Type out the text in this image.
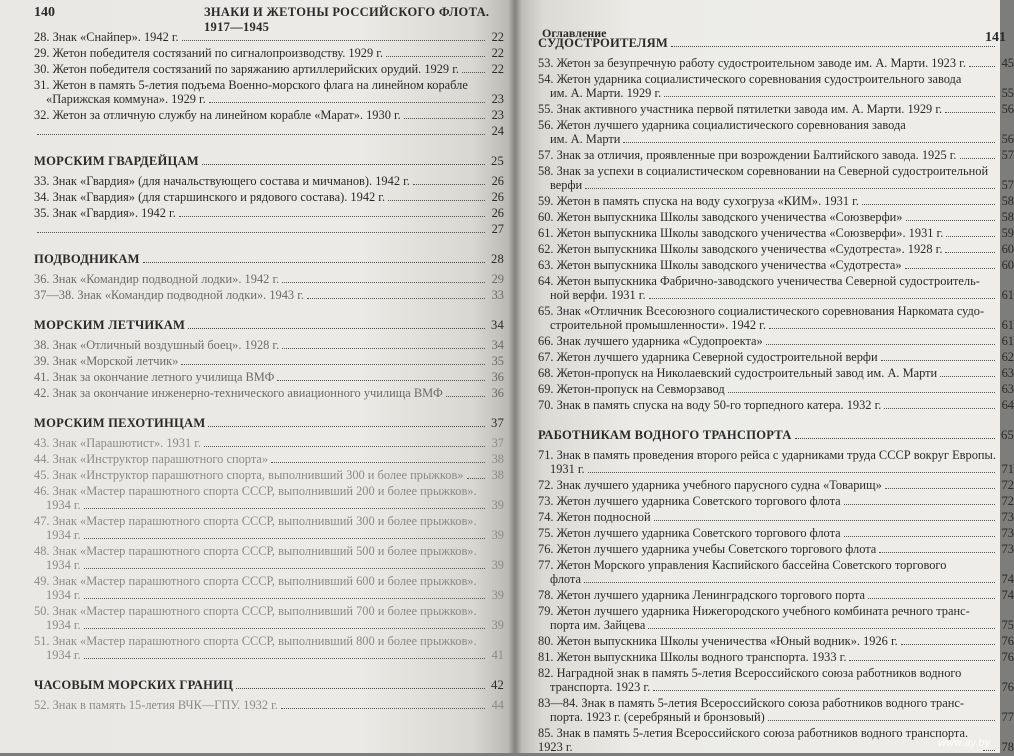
140	ЗНАКИ И ЖЕТОНЫ РОССИЙСКОГО ФЛОТА. 1917—1945
28. Знак «Снайпер». 1942 г.	22
29. Жетон победителя состязаний по сигналопроизводству. 1929 г.	22
30. Жетон победителя состязаний по заряжанию артиллерийских орудий. 1929 г.	22
31. Жетон в память 5-летия подъема Военно-морского флага на линейном корабле
«Парижская коммуна». 1929 г.	23
32. Жетон за отличную службу на линейном корабле «Марат». 1930 г.	23
24
МОРСКИМ ГВАРДЕЙЦАМ	25
33. Знак «Гвардия» (для начальствующего состава и мичманов). 1942 г.	26
34. Знак «Гвардия» (для старшинского и рядового состава). 1942 г.	26
35. Знак «Гвардия». 1942 г.	26
27
ПОДВОДНИКАМ	28
36. Знак «Командир подводной лодки». 1942 г.	29
37—38. Знак «Командир подводной лодки». 1943 г.	33
МОРСКИМ ЛЕТЧИКАМ	34
38. Знак «Отличный воздушный боец». 1928 г.	34
39. Знак «Морской летчик»	35
41. Знак за окончание летного училища ВМФ	36
42. Знак за окончание инженерно-технического авиационного училища ВМФ	36
МОРСКИМ ПЕХОТИНЦАМ	37
43. Знак «Парашютист». 1931 г.	37
44. Знак «Инструктор парашютного спорта»	38
45. Знак «Инструктор парашютного спорта, выполнивший 300 и более прыжков» 38
46. Знак «Мастер парашютного спорта СССР, выполнивший 200 и более прыжков».
1934 г.	39
47. Знак «Мастер парашютного спорта СССР, выполнивший 300 и более прыжков».
1934 г.	39
48. Знак «Мастер парашютного спорта СССР, выполнивший 500 и более прыжков».
1934 г.	39
49. Знак «Мастер парашютного спорта СССР, выполнивший 600 и более прыжков».
1934 г.	39
50. Знак «Мастер парашютного спорта СССР, выполнивший 700 и более прыжков».
1934 г.	39
51. Знак «Мастер парашютного спорта СССР, выполнивший 800 и более прыжков».
1934 г.	41
ЧАСОВЫМ МОРСКИХ ГРАНИЦ	42
52. Знак в память 15-летия ВЧК—ГПУ. 1932 г.	44
Оглавление	141
СУДОСТРОИТЕЛЯМ
53. Жетон за безупречную работу судостроительном заводе им. А. Марти. 1923 г.	45
54. Жетон ударника социалистического соревнования судостроительного завода
им. А. Марти. 1929 г.	55
55. Знак активного участника первой пятилетки завода им. А. Марти. 1929 г.	56
56. Жетон лучшего ударника социалистического соревнования завода
им. А. Марти	56
57. Знак за отличия, проявленные при возрождении Балтийского завода. 1925 г.	57
58. Знак за успехи в социалистическом соревновании на Северной судостроительной
верфи	57
59. Жетон в память спуска на воду сухогруза «КИМ». 1931 г.	58
60. Жетон выпускника Школы заводского ученичества «Союзверфи»	58
61. Жетон выпускника Школы заводского ученичества «Союзверфи». 1931 г.	59
62. Жетон выпускника Школы заводского ученичества «Судотреста». 1928 г.	60
63. Жетон выпускника Школы заводского ученичества «Судотреста»	60
64. Жетон выпускника Фабрично-заводского ученичества Северной судостроитель-
ной верфи. 1931 г.	61
65. Знак «Отличник Всесоюзного социалистического соревнования Наркомата судо-
строительной промышленности». 1942 г.	61
66. Знак лучшего ударника «Судопроекта»	61
67. Жетон лучшего ударника Северной судостроительной верфи	62
68. Жетон-пропуск на Николаевский судостроительный завод им. А. Марти	63
69. Жетон-пропуск на Севморзавод	63
70. Знак в память спуска на воду 50-го торпедного катера. 1932 г.	64
РАБОТНИКАМ ВОДНОГО ТРАНСПОРТА	65
71. Знак в память проведения второго рейса с ударниками труда СССР вокруг Европы.
1931 г.	71
72. Знак лучшего ударника учебного парусного судна «Товарищ»	72
73. Жетон лучшего ударника Советского торгового флота	72
74. Жетон подносной	73
75. Жетон лучшего ударника Советского торгового флота	73
76. Жетон лучшего ударника учебы Советского торгового флота	73
77. Жетон Морского управления Каспийского бассейна Советского торгового
флота	74
78. Жетон лучшего ударника Ленинградского торгового порта	74
79. Жетон лучшего ударника Нижегородского учебного комбината речного транс-
порта им. Зайцева	75
80. Жетон выпускника Школы ученичества «Юный водник». 1926 г.	76
81. Жетон выпускника Школы водного транспорта. 1933 г.	76
82. Наградной знак в память 5-летия Всероссийского союза работников водного
транспорта. 1923 г.	76
83—84. Знак в память 5-летия Всероссийского союза работников водного транс-
порта. 1923 г. (серебряный и бронзовый)	77
85. Знак в память 5-летия Всероссийского союза работников водного транспорта. 1923 г.	78
www.ay.by
